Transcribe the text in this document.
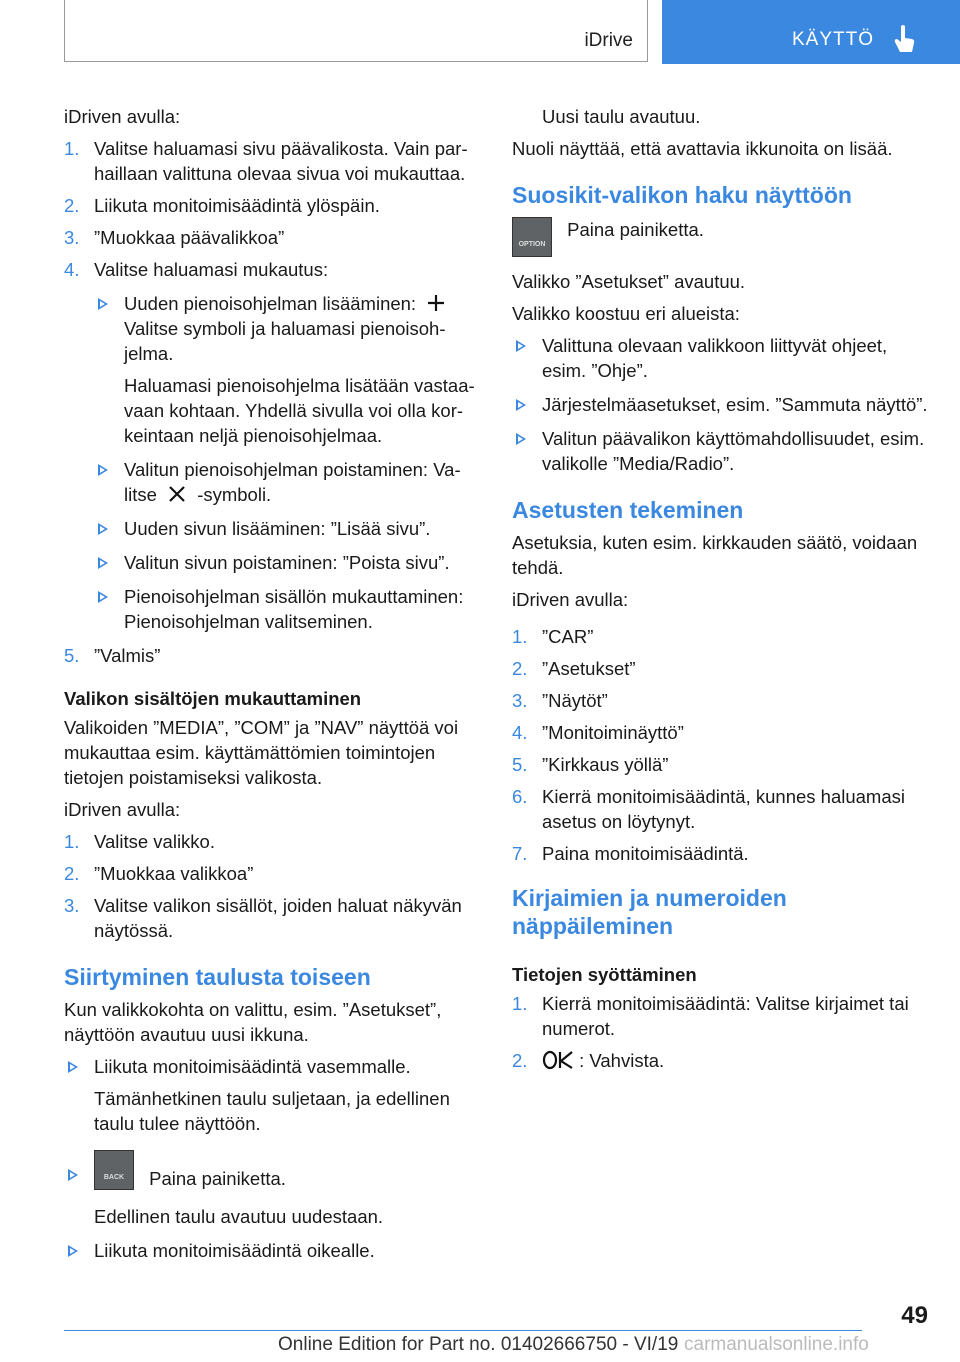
iDrive	KÄYTTÖ

iDriven avulla:

1. Valitse haluamasi sivu päävalikosta. Vain par-haillaan valittuna olevaa sivua voi mukauttaa.
2. Liikuta monitoimisäädintä ylöspäin.
3. ”Muokkaa päävalikkoa”
4. Valitse haluamasi mukautus:
Uuden pienoisohjelman lisääminen:
Valitse symboli ja haluamasi pienoisoh-jelma.
Haluamasi pienoisohjelma lisätään vastaa-vaan kohtaan. Yhdellä sivulla voi olla kor-keintaan neljä pienoisohjelmaa.
Valitun pienoisohjelman poistaminen: Va-litse -symboli.
Uuden sivun lisääminen: ”Lisää sivu”.
Valitun sivun poistaminen: ”Poista sivu”.
Pienoisohjelman sisällön mukauttaminen: Pienoisohjelman valitseminen.
5. ”Valmis”
Valikon sisältöjen mukauttaminen

Valikoiden ”MEDIA”, ”COM” ja ”NAV” näyttöä voi mukauttaa esim. käyttämättömien toimintojen tietojen poistamiseksi valikosta.

iDriven avulla:

1. Valitse valikko.
2. ”Muokkaa valikkoa”
3. Valitse valikon sisällöt, joiden haluat näkyvän näytössä.
Siirtyminen taulusta toiseen

Kun valikkokohta on valittu, esim. ”Asetukset”, näyttöön avautuu uusi ikkuna.

Liikuta monitoimisäädintä vasemmalle.
Tämänhetkinen taulu suljetaan, ja edellinen taulu tulee näyttöön.
BACK	Paina painiketta.
Edellinen taulu avautuu uudestaan.
Liikuta monitoimisäädintä oikealle.

Uusi taulu avautuu.

Nuoli näyttää, että avattavia ikkunoita on lisää.

Suosikit-valikon haku näyttöön
OPTION
Paina painiketta.

Valikko ”Asetukset” avautuu.

Valikko koostuu eri alueista:

Valittuna olevaan valikkoon liittyvät ohjeet, esim. ”Ohje”.
Järjestelmäasetukset, esim. ”Sammuta näyttö”.
Valitun päävalikon käyttömahdollisuudet, esim. valikolle ”Media/Radio”.
Asetusten tekeminen

Asetuksia, kuten esim. kirkkauden säätö, voidaan tehdä.

iDriven avulla:

1. ”CAR”
2. ”Asetukset”
3. ”Näytöt”
4. ”Monitoiminäyttö”
5. ”Kirkkaus yöllä”
6. Kierrä monitoimisäädintä, kunnes haluamasi asetus on löytynyt.
7. Paina monitoimisäädintä.
Kirjaimien ja numeroiden näppäileminen
Tietojen syöttäminen
1. Kierrä monitoimisäädintä: Valitse kirjaimet tai numerot.
2.	: Vahvista.
49
Online Edition for Part no. 01402666750 - VI/19 carmanualsonline.info
